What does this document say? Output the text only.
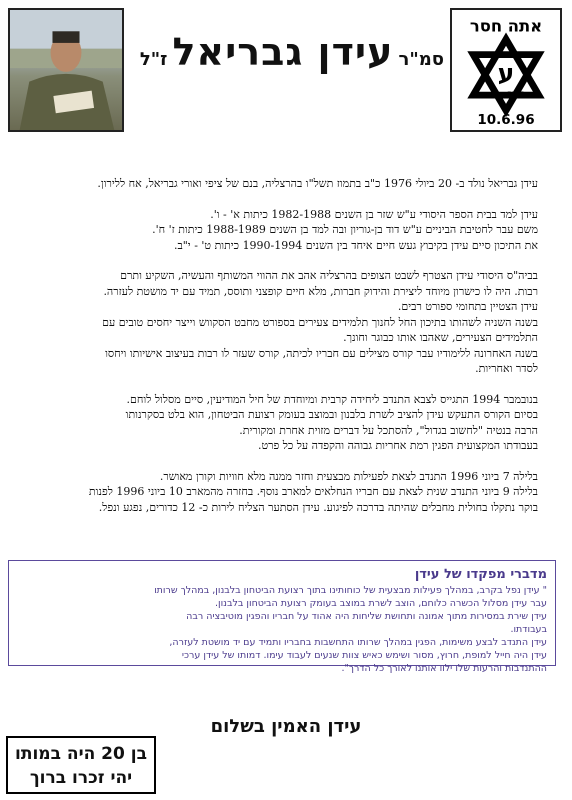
סמ"ר עידן גבריאל ז"ל
אתה חסר
ע
דלעת
10.6.96

עידן גבריאל נולד ב- 20 ביולי 1976 כ"ב בתמוז תשל"ו בהרצליה, בנם של ציפי ואורי גבריאל, אח ללירון.

עידן למד בבית הספר היסודי ע"ש שזר בן השנים 1982-1988 כיתות א' - ו'.
משם עבר לחטיבת הביניים ע"ש דוד בן-גוריון ובה למד בן השנים 1988-1989 כיתות ז' ח'.
את התיכון סיים עידן בקיבוץ געש חיים איחד בין השנים 1990-1994 כיתות ט' - י"ב.

בביה"ס היסודי עידן הצטרף לשבט הצופים בהרצליה אהב את ההווי המשותף והעשיה, השקיע ותרם
רבות. היה לו כישרון מיוחד ליצירת והידוק חברות, מלא חיים קופצני ותוסס, תמיד עם יד מושטת לעזרה.
עידן הצטיין בתחומי ספורט רבים.
בשנה השניה לשהותו בתיכון החל לחנוך תלמידים צעירים בספורט מחבט הסקווש וייצר יחסים טובים עם
התלמידים הצעירים, שאהבו אותו כבוגר וחונך.
בשנה האחרונה ללימודיו עבר קורס מצילים עם חבריו לכיתה, קורס שעזר לו רבות בעיצוב אישיותו ויחסו
לסדר ואחריות.

בנובמבר 1994 התגייס לצבא התנדב ליחידה קרבית ומיוחדת של חיל המודיעין, סיים מסלול לוחם.
בסיום הקורס התעקש עידן להציב לשרת בלבנון ובמוצב בעומק רצועת הביטחון, הוא בלט בסקרנותו
הרבה בנטיה "לחשוב בגדול", להסתכל על דברים מזוית אחרת ומקורית.
בעבודתו המקצועית הפגין רמת אחריות גבוהה והקפדה על כל פרט.

בלילה 7 ביוני 1996 התנדב לצאת לפעילות מבצעית וחזר ממנה מלא חוויות וקורן מאושר.
בלילה 9 ביוני התנדב שנית לצאת עם חבריו הנחלאים למארב נוסף. בחזרה מהמארב 10 ביוני 1996 לפנות
בוקר נתקלו בחולית מחבלים שהיתה בדרכה לפיגוע. עידן הסתער הצליח לירות כ- 12 כדורים, נפגע ונפל.

מדברי מפקדו של עידן
" עידן נפל בקרב, במהלך פעילות מבצעית של כוחותינו בתוך רצועת הביטחון בלבנון, במהלך שרותו
עבר עידן מסלול הכשרה כלוחם, הוצב לשרת במוצב בעומק רצועת הביטחון בלבנון.
עידן שירת במסירות מתוך אמונה ותחושת שליחות היה אהוד על חבריו והפגין מוטיבציה רבה
בעבודתו.
עידן התנדב לבצע משימות, הפגין במהלך שרותו התחשבות בחבריו ותמיד עם יד מושטת לעזרה,
עידן היה חייל למופת, חרוץ, מסור ושימש כאיש צוות שנעים לעבוד עימו. דמותו של עידן ערכי
ההתנדבות והרעות שלו ילוו אותנו לאורך כל הדרך".
עידן האמין בשלום
בן 20 היה במותו
יהי זכרו ברוך
